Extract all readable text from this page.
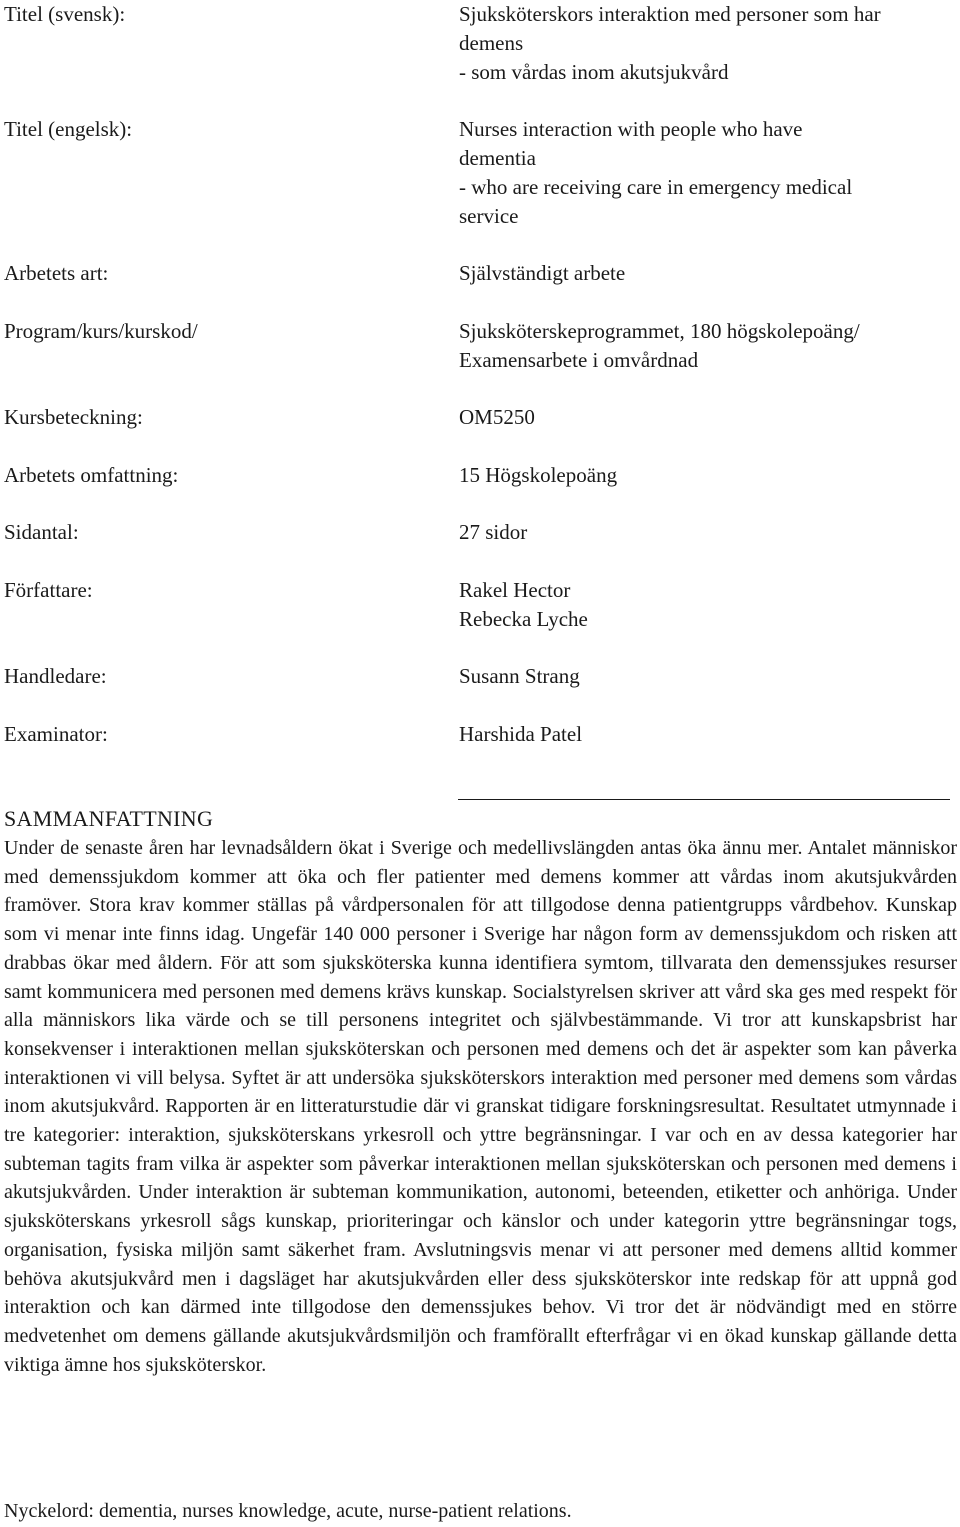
Titel (svensk):	Sjuksköterskors interaktion med personer som har
demens
- som vårdas inom akutsjukvård
Titel (engelsk):	Nurses interaction with people who have
dementia
- who are receiving care in emergency medical
service
Arbetets art:	Självständigt arbete
Program/kurs/kurskod/	Sjuksköterskeprogrammet, 180 högskolepoäng/
Examensarbete i omvårdnad
Kursbeteckning:	OM5250
Arbetets omfattning:	15 Högskolepoäng
Sidantal:	27 sidor
Författare:	Rakel Hector
Rebecka Lyche
Handledare:	Susann Strang
Examinator:	Harshida Patel
SAMMANFATTNING

Under de senaste åren har levnadsåldern ökat i Sverige och medellivslängden antas öka ännu mer. Antalet människor med demenssjukdom kommer att öka och fler patienter med demens kommer att vårdas inom akutsjukvården framöver. Stora krav kommer ställas på vårdpersonalen för att tillgodose denna patientgrupps vårdbehov. Kunskap som vi menar inte finns idag. Ungefär 140 000 personer i Sverige har någon form av demenssjukdom och risken att drabbas ökar med åldern. För att som sjuksköterska kunna identifiera symtom, tillvarata den demenssjukes resurser samt kommunicera med personen med demens krävs kunskap. Socialstyrelsen skriver att vård ska ges med respekt för alla människors lika värde och se till personens integritet och självbestämmande. Vi tror att kunskapsbrist har konsekvenser i interaktionen mellan sjuksköterskan och personen med demens och det är aspekter som kan påverka interaktionen vi vill belysa. Syftet är att undersöka sjuksköterskors interaktion med personer med demens som vårdas inom akutsjukvård. Rapporten är en litteraturstudie där vi granskat tidigare forskningsresultat. Resultatet utmynnade i tre kategorier: interaktion, sjuksköterskans yrkesroll och yttre begränsningar. I var och en av dessa kategorier har subteman tagits fram vilka är aspekter som påverkar interaktionen mellan sjuksköterskan och personen med demens i akutsjukvården. Under interaktion är subteman kommunikation, autonomi, beteenden, etiketter och anhöriga. Under sjuksköterskans yrkesroll sågs kunskap, prioriteringar och känslor och under kategorin yttre begränsningar togs, organisation, fysiska miljön samt säkerhet fram. Avslutningsvis menar vi att personer med demens alltid kommer behöva akutsjukvård men i dagsläget har akutsjukvården eller dess sjuksköterskor inte redskap för att uppnå god interaktion och kan därmed inte tillgodose den demenssjukes behov. Vi tror det är nödvändigt med en större medvetenhet om demens gällande akutsjukvårdsmiljön och framförallt efterfrågar vi en ökad kunskap gällande detta viktiga ämne hos sjuksköterskor.

Nyckelord: dementia, nurses knowledge, acute, nurse-patient relations.
